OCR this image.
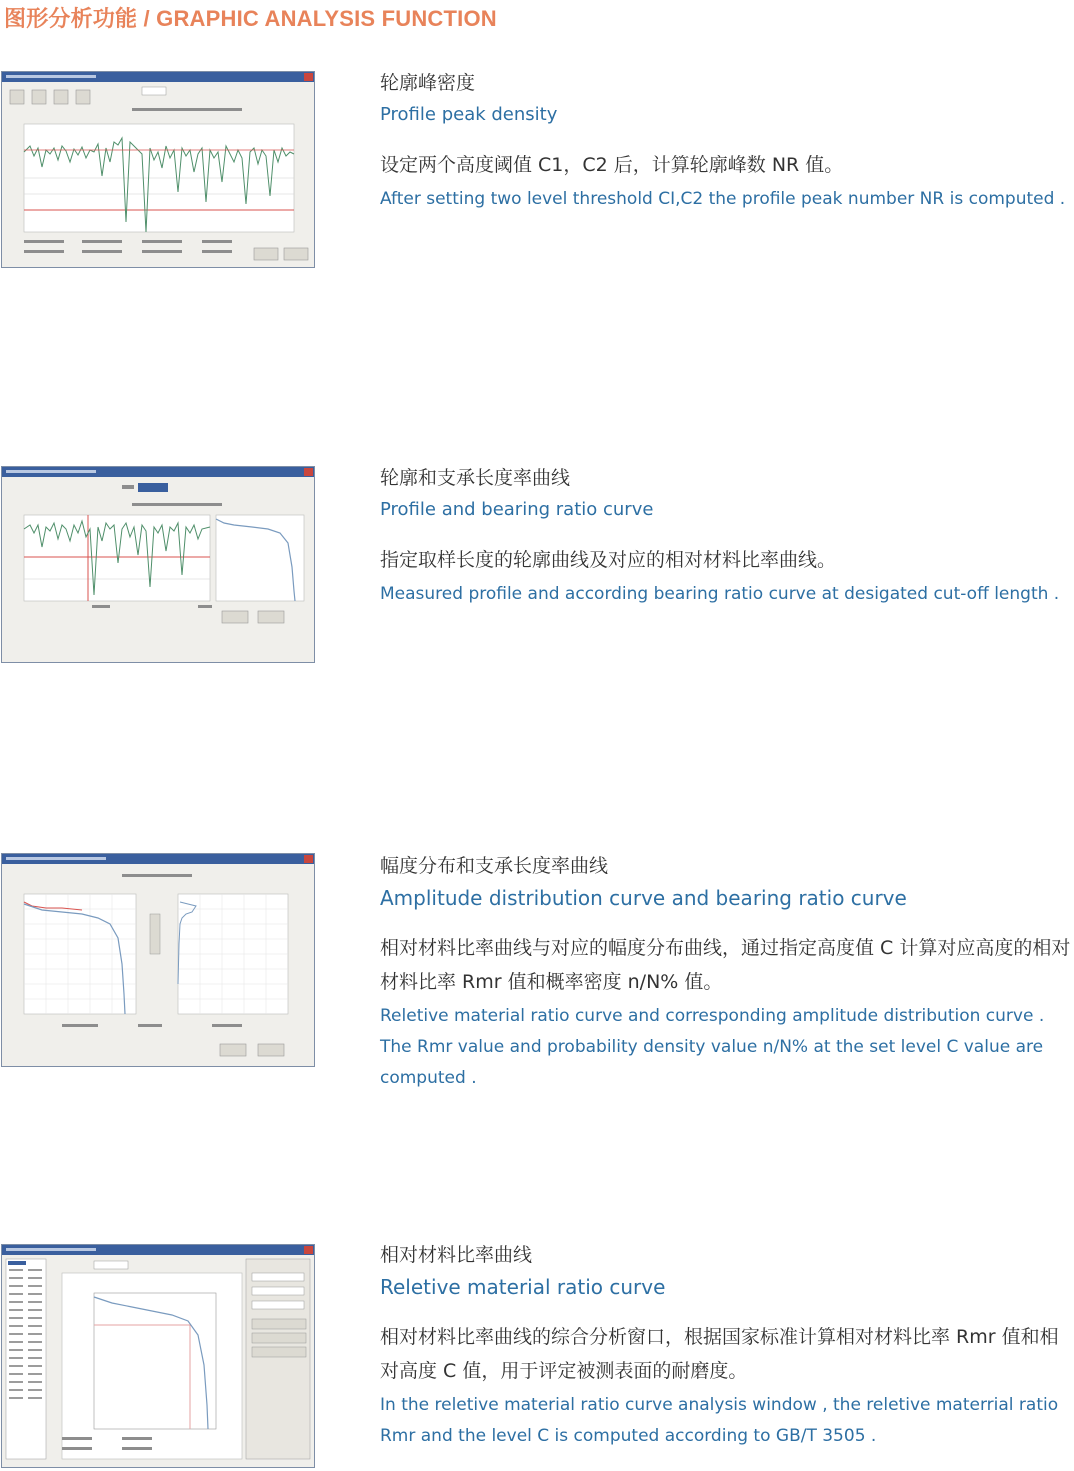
图形分析功能 / GRAPHIC ANALYSIS FUNCTION

轮廓峰密度

Profile peak density

设定两个高度阈值 C1，C2 后，计算轮廓峰数 NR 值。

After setting two level threshold CI,C2 the profile peak number NR is computed .

轮廓和支承长度率曲线

Profile and bearing ratio curve

指定取样长度的轮廓曲线及对应的相对材料比率曲线。

Measured profile and according bearing ratio curve at desigated cut-off length .

幅度分布和支承长度率曲线

Amplitude distribution curve and bearing ratio curve

相对材料比率曲线与对应的幅度分布曲线，通过指定高度值 C 计算对应高度的相对材料比率 Rmr 值和概率密度 n/N% 值。

Reletive material ratio curve and corresponding amplitude distribution curve . The Rmr value and probability density value n/N% at the set level C value are computed .

相对材料比率曲线

Reletive material ratio curve

相对材料比率曲线的综合分析窗口，根据国家标准计算相对材料比率 Rmr 值和相对高度 C 值，用于评定被测表面的耐磨度。

In the reletive material ratio curve analysis window , the reletive materrial ratio Rmr and the level C is computed according to GB/T 3505 .
